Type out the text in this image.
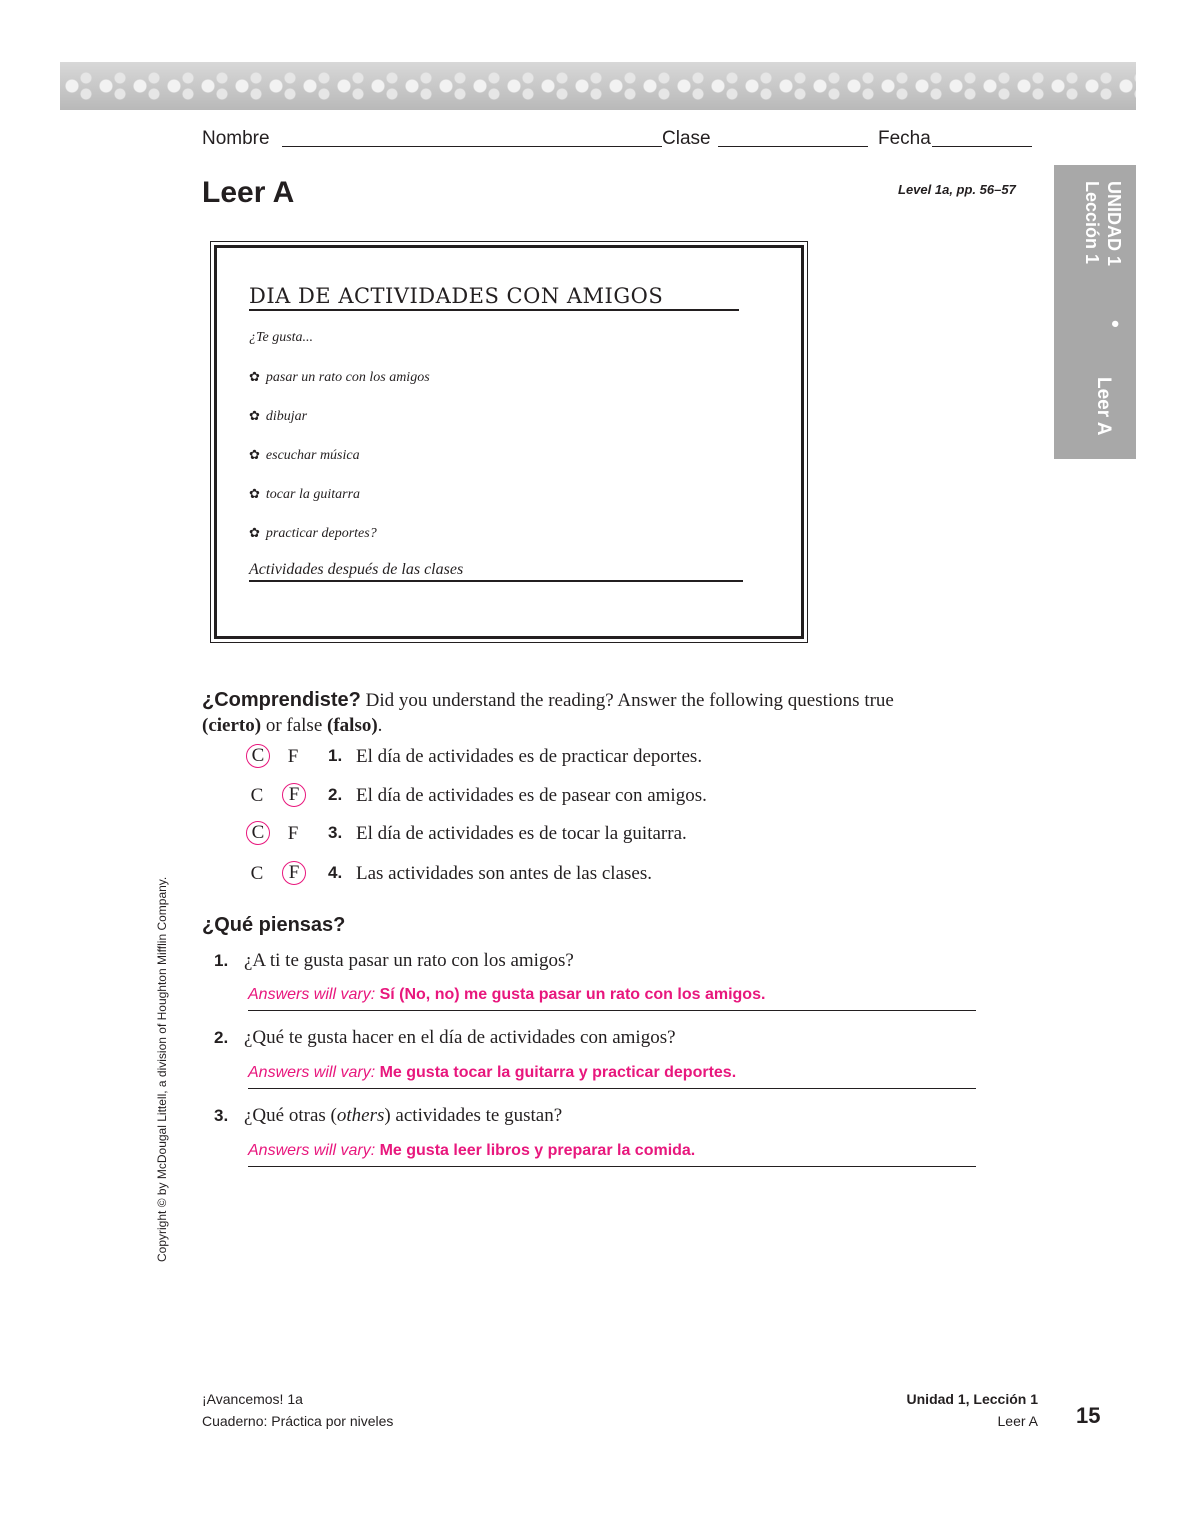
Nombre	Clase	Fecha
Leer A	Level 1a, pp. 56–57	UNIDAD 1
Lección 1
•
Leer A
DIA DE ACTIVIDADES CON AMIGOS
¿Te gusta...
✿ pasar un rato con los amigos
✿ dibujar
✿ escuchar música
✿ tocar la guitarra
✿ practicar deportes?
Actividades después de las clases
¿Comprendiste? Did you understand the reading? Answer the following questions true (cierto) or false (falso).
C	F	1. El día de actividades es de practicar deportes.
C	F	2. El día de actividades es de pasear con amigos.
C	F	3. El día de actividades es de tocar la guitarra.
C	F	4. Las actividades son antes de las clases.
¿Qué piensas?
1. ¿A ti te gusta pasar un rato con los amigos?
Answers will vary: Sí (No, no) me gusta pasar un rato con los amigos.
2. ¿Qué te gusta hacer en el día de actividades con amigos?
Answers will vary: Me gusta tocar la guitarra y practicar deportes.
3. ¿Qué otras (others) actividades te gustan?
Answers will vary: Me gusta leer libros y preparar la comida.
Copyright © by McDougal Littell, a division of Houghton Mifflin Company.
¡Avancemos! 1a
Cuaderno: Práctica por niveles
Unidad 1, Lección 1
Leer A 15
